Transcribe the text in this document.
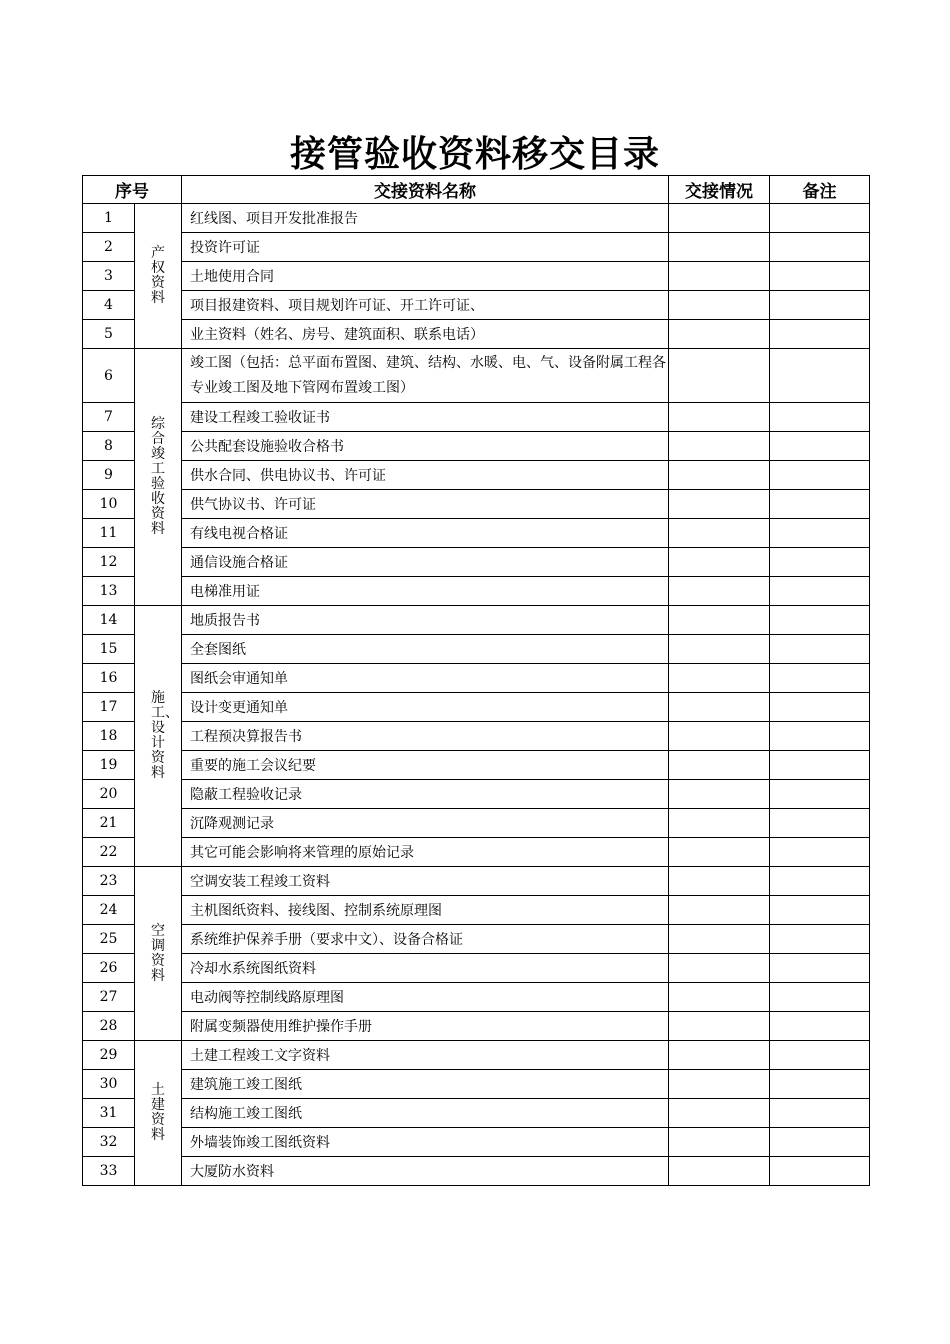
接管验收资料移交目录
序号		交接资料名称	交接情况	备注
1	产权资料	红线图、项目开发批准报告		
2		投资许可证		
3		土地使用合同		
4		项目报建资料、项目规划许可证、开工许可证、		
5		业主资料（姓名、房号、建筑面积、联系电话）		
6	综合竣工验收资料	竣工图（包括：总平面布置图、建筑、结构、水暖、电、气、设备附属工程各专业竣工图及地下管网布置竣工图）		
7		建设工程竣工验收证书		
8		公共配套设施验收合格书		
9		供水合同、供电协议书、许可证		
10		供气协议书、许可证		
11		有线电视合格证		
12		通信设施合格证		
13		电梯准用证		
14	施工、设计资料	地质报告书		
15		全套图纸		
16		图纸会审通知单		
17		设计变更通知单		
18		工程预决算报告书		
19		重要的施工会议纪要		
20		隐蔽工程验收记录		
21		沉降观测记录		
22		其它可能会影响将来管理的原始记录		
23	空调资料	空调安装工程竣工资料		
24		主机图纸资料、接线图、控制系统原理图		
25		系统维护保养手册（要求中文）、设备合格证		
26		冷却水系统图纸资料		
27		电动阀等控制线路原理图		
28		附属变频器使用维护操作手册		
29	土建资料	土建工程竣工文字资料		
30		建筑施工竣工图纸		
31		结构施工竣工图纸		
32		外墙装饰竣工图纸资料		
33		大厦防水资料		
